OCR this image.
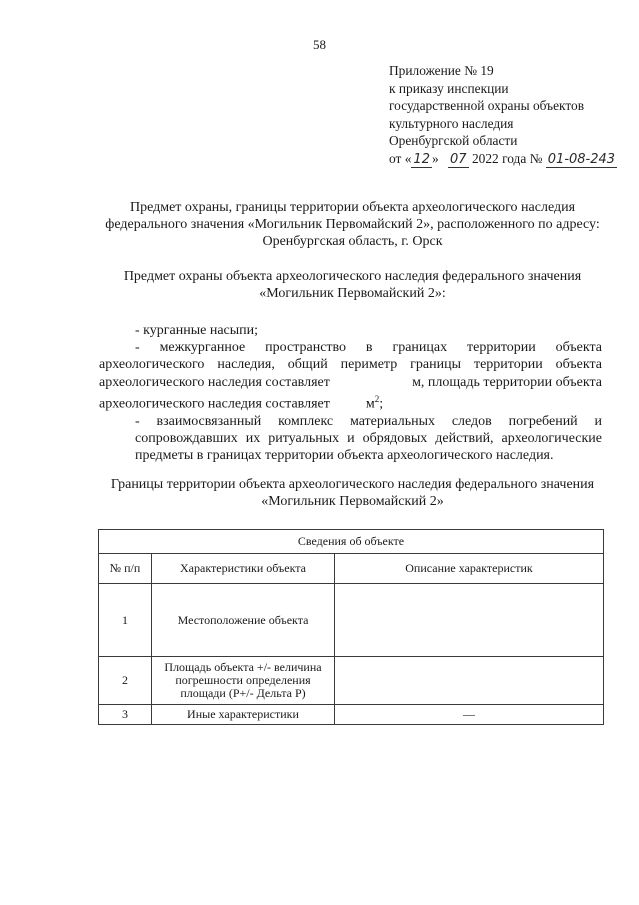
58
Приложение № 19
к приказу инспекции
государственной охраны объектов
культурного наследия
Оренбургской области
от « 12 » 07 2022 года № 01-08-243
Предмет охраны, границы территории объекта археологического наследия федерального значения «Могильник Первомайский 2», расположенного по адресу: Оренбургская область, г. Орск
Предмет охраны объекта археологического наследия федерального значения «Могильник Первомайский 2»:
- курганные насыпи;
- межкурганное пространство в границах территории объекта
археологического наследия, общий периметр границы территории объекта
археологического наследия составляет	м, площадь территории объекта
археологического наследия составляет	$м^2$;
- взаимосвязанный комплекс материальных следов погребений и сопровождавших их ритуальных и обрядовых действий, археологические предметы в границах территории объекта археологического наследия.
Границы территории объекта археологического наследия федерального значения «Могильник Первомайский 2»
Сведения об объекте		
№ п/п	Характеристики объекта	Описание характеристик
1	Местоположение объекта	
2	Площадь объекта +/- величина погрешности определения площади (Р+/- Дельта Р)	
3	Иные характеристики	—
